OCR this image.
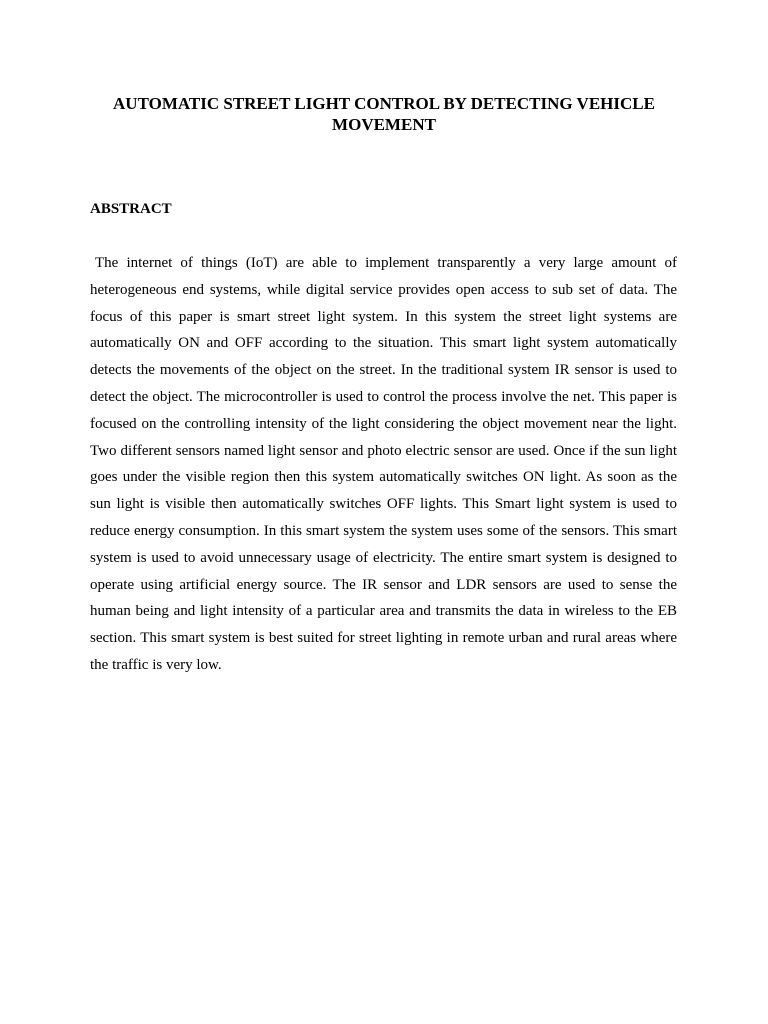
AUTOMATIC STREET LIGHT CONTROL BY DETECTING VEHICLE MOVEMENT
ABSTRACT

The internet of things (IoT) are able to implement transparently a very large amount of heterogeneous end systems, while digital service provides open access to sub set of data. The focus of this paper is smart street light system. In this system the street light systems are automatically ON and OFF according to the situation. This smart light system automatically detects the movements of the object on the street. In the traditional system IR sensor is used to detect the object. The microcontroller is used to control the process involve the net. This paper is focused on the controlling intensity of the light considering the object movement near the light. Two different sensors named light sensor and photo electric sensor are used. Once if the sun light goes under the visible region then this system automatically switches ON light. As soon as the sun light is visible then automatically switches OFF lights. This Smart light system is used to reduce energy consumption. In this smart system the system uses some of the sensors. This smart system is used to avoid unnecessary usage of electricity. The entire smart system is designed to operate using artificial energy source. The IR sensor and LDR sensors are used to sense the human being and light intensity of a particular area and transmits the data in wireless to the EB section. This smart system is best suited for street lighting in remote urban and rural areas where the traffic is very low.
